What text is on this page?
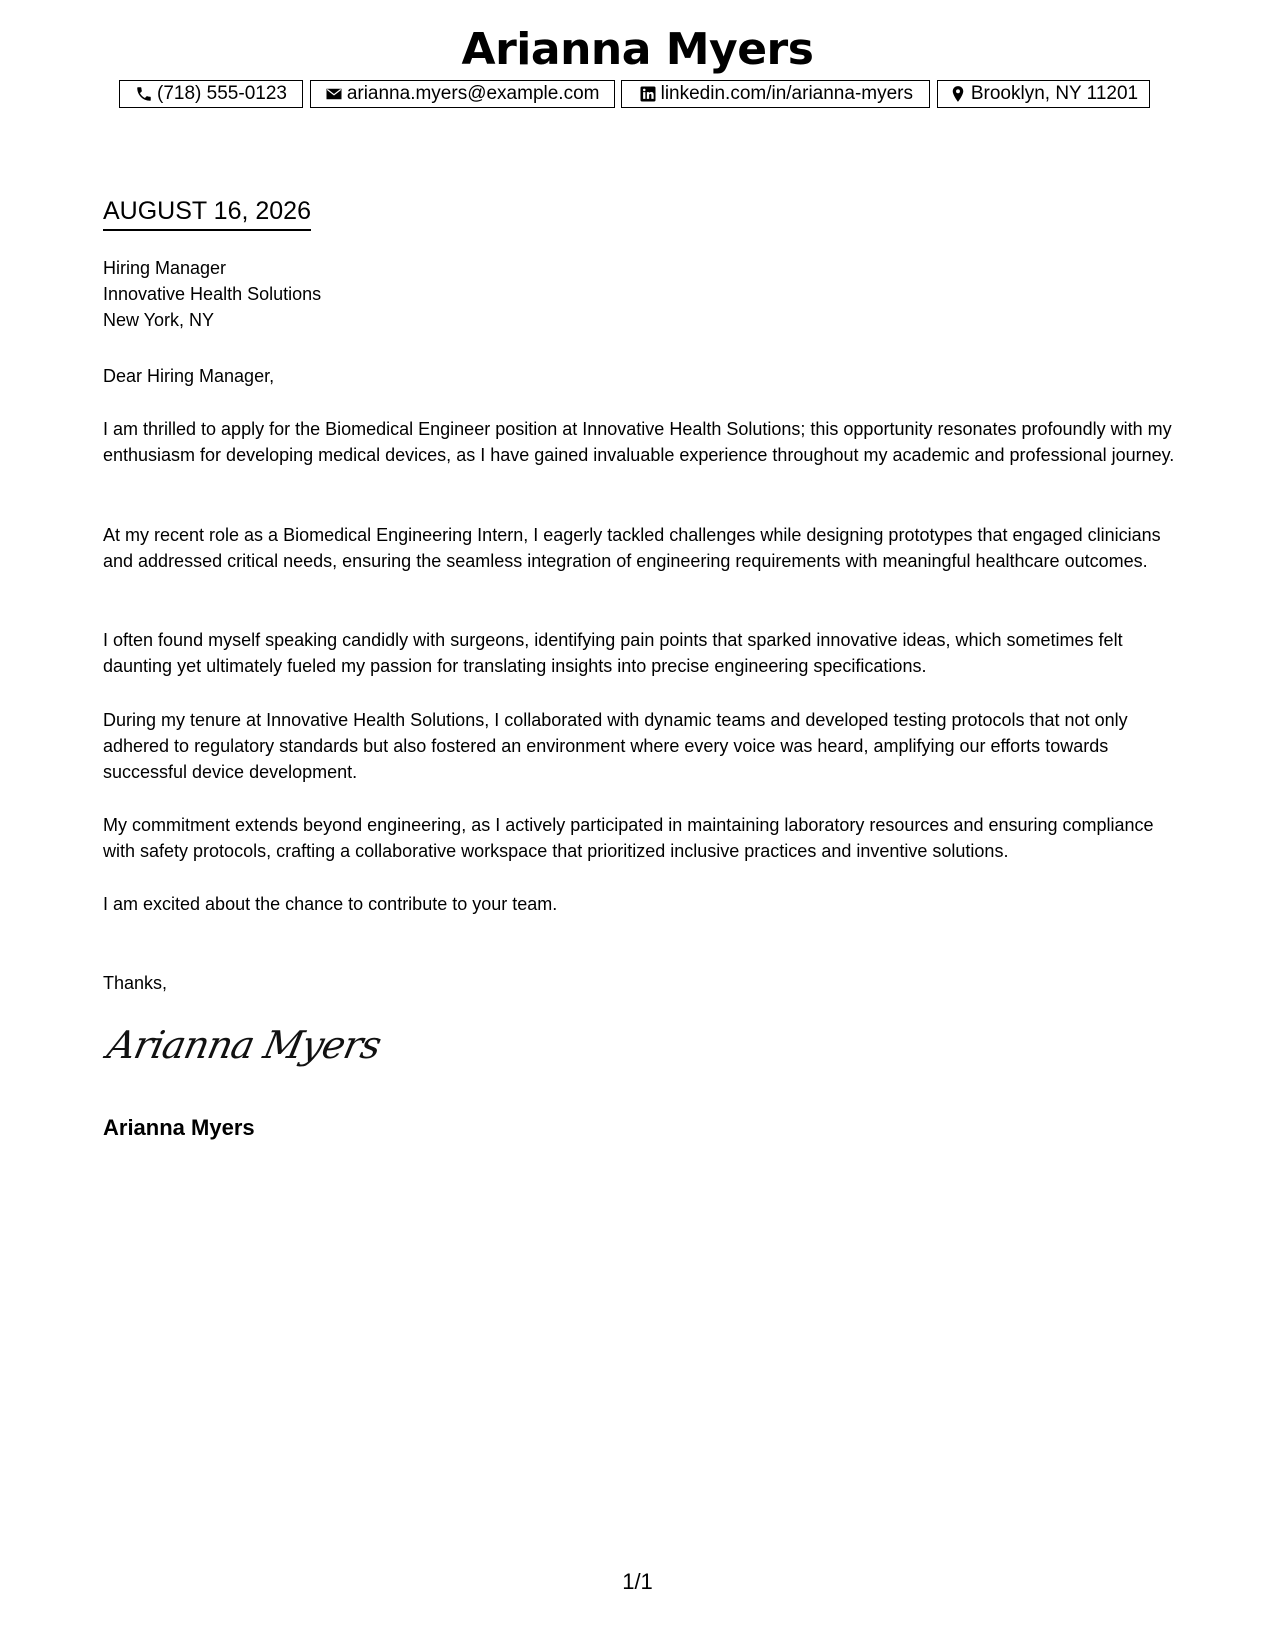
Arianna Myers
(718) 555-0123	arianna.myers@example.com	linkedin.com/in/arianna-myers	Brooklyn, NY 11201
AUGUST 16, 2026
Hiring Manager
Innovative Health Solutions
New York, NY
Dear Hiring Manager,

I am thrilled to apply for the Biomedical Engineer position at Innovative Health Solutions; this opportunity resonates profoundly with my enthusiasm for developing medical devices, as I have gained invaluable experience throughout my academic and professional journey.

At my recent role as a Biomedical Engineering Intern, I eagerly tackled challenges while designing prototypes that engaged clinicians and addressed critical needs, ensuring the seamless integration of engineering requirements with meaningful healthcare outcomes.

I often found myself speaking candidly with surgeons, identifying pain points that sparked innovative ideas, which sometimes felt daunting yet ultimately fueled my passion for translating insights into precise engineering specifications.

During my tenure at Innovative Health Solutions, I collaborated with dynamic teams and developed testing protocols that not only adhered to regulatory standards but also fostered an environment where every voice was heard, amplifying our efforts towards successful device development.

My commitment extends beyond engineering, as I actively participated in maintaining laboratory resources and ensuring compliance with safety protocols, crafting a collaborative workspace that prioritized inclusive practices and inventive solutions.

I am excited about the chance to contribute to your team.

Thanks,
Arianna Myers
Arianna Myers
1/1
